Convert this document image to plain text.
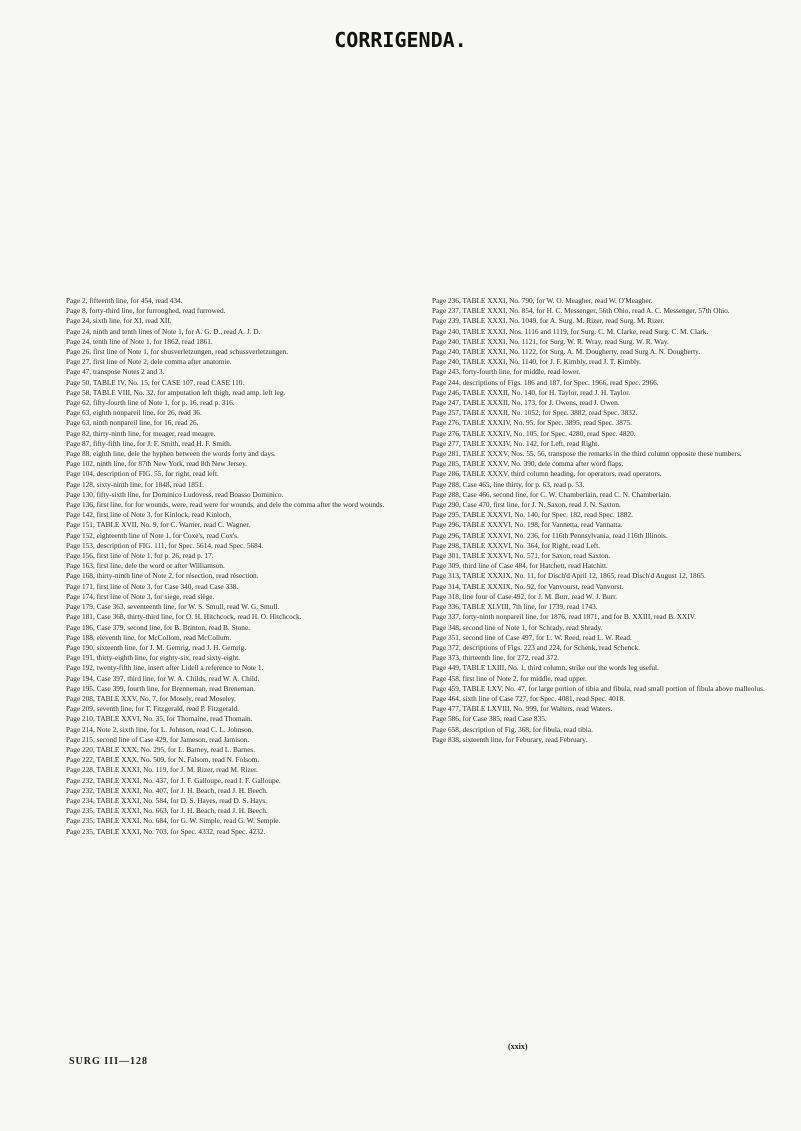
CORRIGENDA.

Page 2, fifteenth line, for 454, read 434.

Page 8, forty-third line, for furroughed, read furrowed.

Page 24, sixth line, for XI, read XII.

Page 24, ninth and tenth lines of Note 1, for A. G. D., read A. J. D.

Page 24, tenth line of Note 1, for 1862, read 1861.

Page 26, first line of Note 1, for shusverletzungen, read schussverletzungen.

Page 27, first line of Note 2, dele comma after anatomie.

Page 47, transpose Notes 2 and 3.

Page 50, TABLE IV, No. 15, for CASE 107, read CASE 110.

Page 58, TABLE VIII, No. 32, for amputation left thigh, read amp. left leg.

Page 62, fifty-fourth line of Note 1, for p. 16, read p. 316.

Page 63, eighth nonpareil line, for 26, read 36.

Page 63, ninth nonpareil line, for 16, read 26.

Page 82, thirty-ninth line, for meager, read meagre.

Page 87, fifty-fifth line, for J. F. Smith, read H. F. Smith.

Page 88, eighth line, dele the hyphen between the words forty and days.

Page 102, ninth line, for 87th New York, read 8th New Jersey.

Page 104, description of FIG. 55, for right, read left.

Page 128, sixty-ninth line, for 1848, read 1851.

Page 130, fifty-sixth line, for Dominico Ludovess, read Boasso Dominico.

Page 136, first line, for for wounds, were, read were for wounds, and dele the comma after the word wounds.

Page 142, first line of Note 3, for Kinlock, read Kinloch.

Page 151, TABLE XVII, No. 9, for C. Warner, read C. Wagner.

Page 152, eighteenth line of Note 1, for Coxe's, read Cox's.

Page 153, description of FIG. 111, for Spec. 5614, read Spec. 5684.

Page 156, first line of Note 1, for p. 26, read p. 17.

Page 163, first line, dele the word or after Williamson.

Page 168, thirty-ninth line of Note 2, for résection, read résection.

Page 171, first line of Note 3, for Case 340, read Case 338.

Page 174, first line of Note 3, for siege, read siège.

Page 179, Case 363, seventeenth line, for W. S. Smull, read W. G. Smull.

Page 181, Case 368, thirty-third line, for O. H. Hitchcock, read H. O. Hitchcock.

Page 186, Case 379, second line, for B. Brinton, read B. Stone.

Page 188, eleventh line, for McCollom, read McCollum.

Page 190, sixteenth line, for J. M. Gemrig, read J. H. Gemrig.

Page 191, thirty-eighth line, for eighty-six, read sixty-eight.

Page 192, twenty-fifth line, insert after Lidell a reference to Note 1.

Page 194, Case 397, third line, for W. A. Childs, read W. A. Child.

Page 195, Case 399, fourth line, for Brenneman, read Breneman.

Page 208, TABLE XXV, No. 7, for Mosely, read Moseley.

Page 209, seventh line, for T. Fitzgerald, read P. Fitzgerald.

Page 210, TABLE XXVI, No. 35, for Thomaine, read Thomain.

Page 214, Note 2, sixth line, for L. Johnson, read C. L. Johnson.

Page 215, second line of Case 429, for Jameson, read Jamison.

Page 220, TABLE XXX, No. 295, for L. Barney, read L. Barnes.

Page 222, TABLE XXX, No. 509, for N. Falsom, read N. Folsom.

Page 228, TABLE XXXI, No. 119, for J. M. Rizer, read M. Rizer.

Page 232, TABLE XXXI, No. 437, for J. F. Galloupe, read I. F. Galloupe.

Page 232, TABLE XXXI, No. 407, for J. H. Beach, read J. H. Beech.

Page 234, TABLE XXXI, No. 584, for D. S. Hayes, read D. S. Hays.

Page 235, TABLE XXXI, No. 663, for J. H. Beach, read J. H. Beech.

Page 235, TABLE XXXI, No. 684, for G. W. Simple, read G. W. Semple.

Page 235, TABLE XXXI, No. 703, for Spec. 4332, read Spec. 4232.

Page 236, TABLE XXXI, No. 790, for W. O. Meagher, read W. O'Meagher.

Page 237, TABLE XXXI, No. 854, for H. C. Messenger, 56th Ohio, read A. C. Messenger, 57th Ohio.

Page 239, TABLE XXXI, No. 1049, for A. Surg. M. Rizer, read Surg. M. Rizer.

Page 240, TABLE XXXI, Nos. 1116 and 1119, for Surg. C. M. Clarke, read Surg. C. M. Clark.

Page 240, TABLE XXXI, No. 1121, for Surg. W. R. Wray, read Surg. W. R. Way.

Page 240, TABLE XXXI, No. 1122, for Surg. A. M. Dougherty, read Surg A. N. Dougherty.

Page 240, TABLE XXXI, No. 1140, for J. F. Kimbly, read J. T. Kimbly.

Page 243, forty-fourth line, for middle, read lower.

Page 244, descriptions of Figs. 186 and 187, for Spec. 1966, read Spec. 2966.

Page 246, TABLE XXXII, No. 140, for H. Taylor, read J. H. Taylor.

Page 247, TABLE XXXII, No. 173, for J. Owens, read J. Owen.

Page 257, TABLE XXXII, No. 1052, for Spec. 3882, read Spec. 3832.

Page 276, TABLE XXXIV, No. 95, for Spec. 3895, read Spec. 3875.

Page 276, TABLE XXXIV, No. 105, for Spec. 4280, read Spec. 4820.

Page 277, TABLE XXXIV, No. 142, for Left, read Right.

Page 281, TABLE XXXV, Nos. 55, 56, transpose the remarks in the third column opposite these numbers.

Page 285, TABLE XXXV, No. 390, dele comma after word flaps.

Page 286, TABLE XXXV, third column heading, for operators, read operators.

Page 288, Case 465, line thirty, for p. 63, read p. 53.

Page 288, Case 466, second line, for C. W. Chamberlain, read C. N. Chamberlain.

Page 290, Case 470, first line, for J. N. Saxon, read J. N. Saxton.

Page 295, TABLE XXXVI, No. 140, for Spec. 182, read Spec. 1882.

Page 296, TABLE XXXVI, No. 198, for Vannetta, read Vannatta.

Page 296, TABLE XXXVI, No. 236, for 116th Pennsylvania, read 116th Illinois.

Page 298, TABLE XXXVI, No. 364, for Right, read Left.

Page 301, TABLE XXXVI, No. 571, for Saxon, read Saxton.

Page 309, third line of Case 484, for Hatchett, read Hatchitt.

Page 313, TABLE XXXIX, No. 11, for Disch'd April 12, 1865, read Disch'd August 12, 1865.

Page 314, TABLE XXXIX, No. 92, for Vanvourst, read Vanvorst.

Page 318, line four of Case 492, for J. M. Burr, read W. J. Burr.

Page 336, TABLE XLVIII, 7th line, for 1739, read 1743.

Page 337, forty-ninth nonpareil line, for 1876, read 1871, and for B. XXIII, read B. XXIV.

Page 348, second line of Note 1, for Schrady, read Shrady.

Page 351, second line of Case 497, for L. W. Reed, read L. W. Read.

Page 372, descriptions of Figs. 223 and 224, for Schenk, read Schenck.

Page 373, thirteenth line, for 272, read 372.

Page 449, TABLE LXIII, No. 1, third column, strike out the words leg useful.

Page 458, first line of Note 2, for middle, read upper.

Page 459, TABLE LXV, No. 47, for large portion of tibia and fibula, read small portion of fibula above malleolus.

Page 464, sixth line of Case 727, for Spec. 4081, read Spec. 4018.

Page 477, TABLE LXVIII, No. 999, for Walters, read Waters.

Page 586, for Case 385, read Case 835.

Page 658, description of Fig. 368, for fibula, read tibia.

Page 838, sixteenth line, for Feburary, read February.

SURG III—128
(xxix)
